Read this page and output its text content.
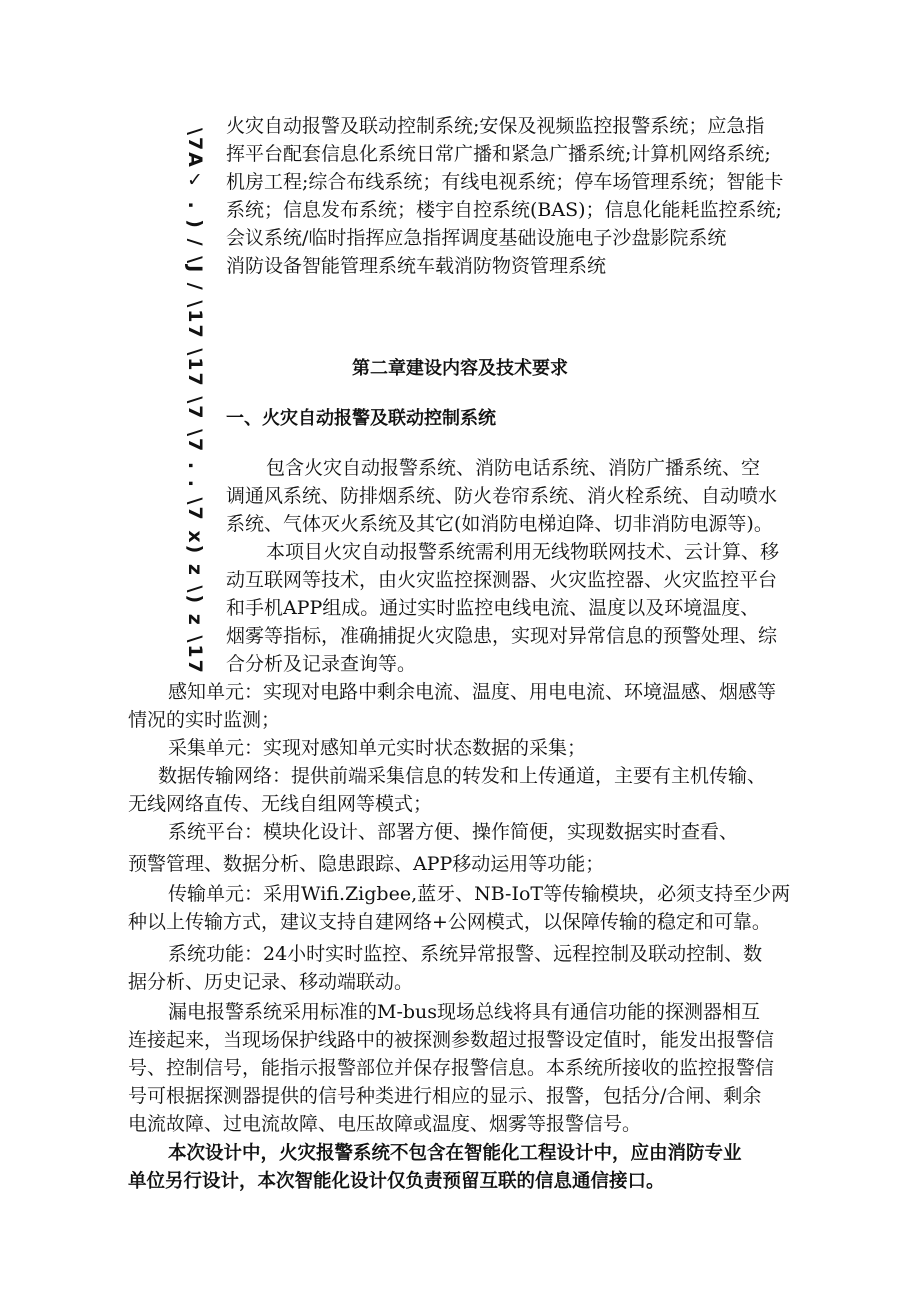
\7A✓ . ) / \J / \17 \17 \7 \7 . . \7 x) z \) z \17

火灾自动报警及联动控制系统;安保及视频监控报警系统；应急指

挥平台配套信息化系统日常广播和紧急广播系统;计算机网络系统;

机房工程;综合布线系统；有线电视系统；停车场管理系统；智能卡

系统；信息发布系统；楼宇自控系统(BAS)；信息化能耗监控系统;

会议系统/临时指挥应急指挥调度基础设施电子沙盘影院系统

消防设备智能管理系统车载消防物资管理系统

第二章建设内容及技术要求

一、火灾自动报警及联动控制系统

包含火灾自动报警系统、消防电话系统、消防广播系统、空

调通风系统、防排烟系统、防火卷帘系统、消火栓系统、自动喷水

系统、气体灭火系统及其它(如消防电梯迫降、切非消防电源等)。

本项目火灾自动报警系统需利用无线物联网技术、云计算、移

动互联网等技术，由火灾监控探测器、火灾监控器、火灾监控平台

和手机APP组成。通过实时监控电线电流、温度以及环境温度、

烟雾等指标，准确捕捉火灾隐患，实现对异常信息的预警处理、综

合分析及记录查询等。

感知单元：实现对电路中剩余电流、温度、用电电流、环境温感、烟感等

情况的实时监测；

采集单元：实现对感知单元实时状态数据的采集；

数据传输网络：提供前端采集信息的转发和上传通道，主要有主机传输、

无线网络直传、无线自组网等模式；

系统平台：模块化设计、部署方便、操作简便，实现数据实时查看、

预警管理、数据分析、隐患跟踪、APP移动运用等功能；

传输单元：采用Wifi.Zigbee,蓝牙、NB-IoT等传输模块，必须支持至少两

种以上传输方式，建议支持自建网络+公网模式，以保障传输的稳定和可靠。

系统功能：24小时实时监控、系统异常报警、远程控制及联动控制、数

据分析、历史记录、移动端联动。

漏电报警系统采用标准的M-bus现场总线将具有通信功能的探测器相互

连接起来，当现场保护线路中的被探测参数超过报警设定值时，能发出报警信

号、控制信号，能指示报警部位并保存报警信息。本系统所接收的监控报警信

号可根据探测器提供的信号种类进行相应的显示、报警，包括分/合闸、剩余

电流故障、过电流故障、电压故障或温度、烟雾等报警信号。

本次设计中，火灾报警系统不包含在智能化工程设计中，应由消防专业

单位另行设计，本次智能化设计仅负责预留互联的信息通信接口。
